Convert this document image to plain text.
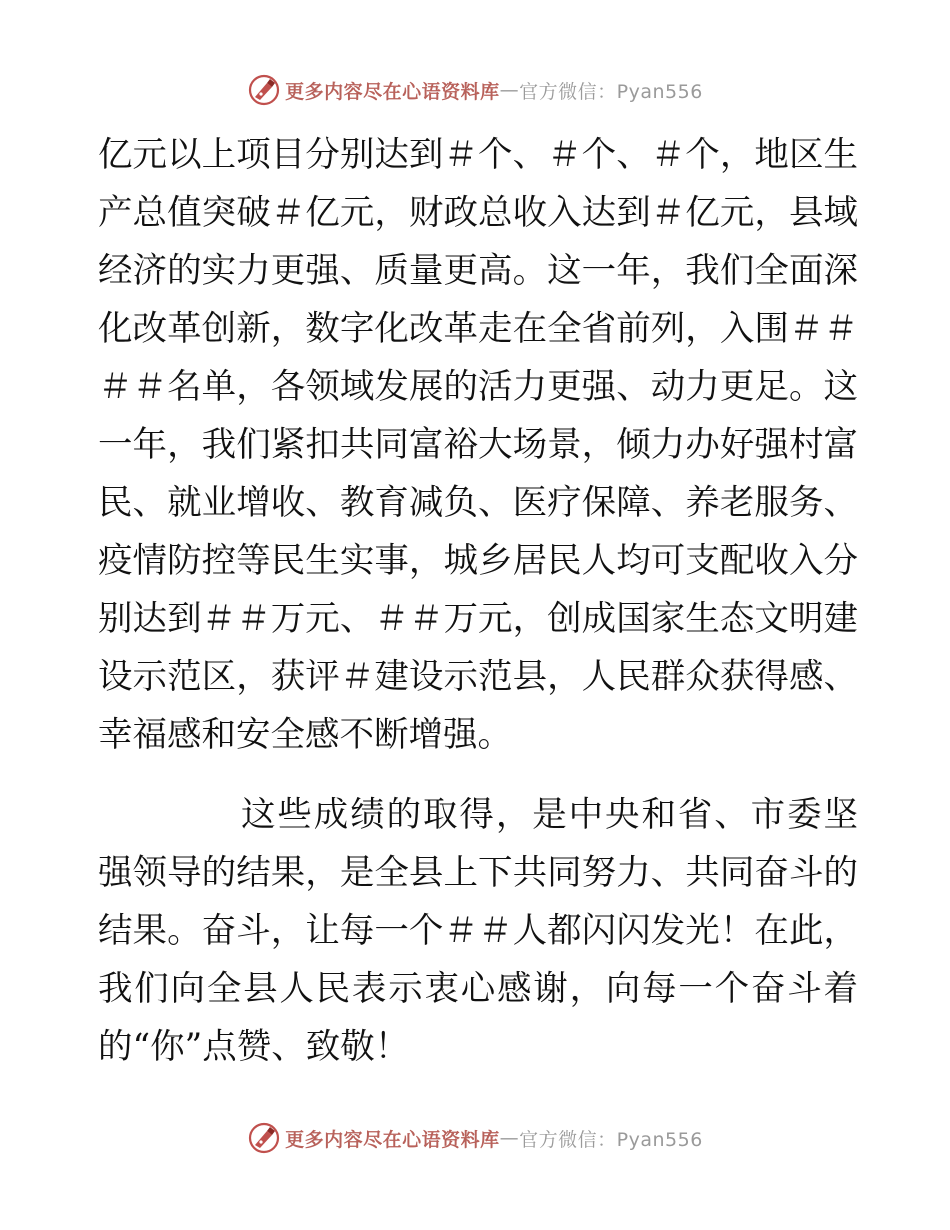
更多内容尽在心语资料库 — 官方微信：Pyan556

亿元以上项目分别达到＃个、＃个、＃个，地区生产总值突破＃亿元，财政总收入达到＃亿元，县域经济的实力更强、质量更高。这一年，我们全面深化改革创新，数字化改革走在全省前列，入围＃＃＃＃名单，各领域发展的活力更强、动力更足。这一年，我们紧扣共同富裕大场景，倾力办好强村富民、就业增收、教育减负、医疗保障、养老服务、疫情防控等民生实事，城乡居民人均可支配收入分别达到＃＃万元、＃＃万元，创成国家生态文明建设示范区，获评＃建设示范县，人民群众获得感、幸福感和安全感不断增强。

这些成绩的取得，是中央和省、市委坚强领导的结果，是全县上下共同努力、共同奋斗的结果。奋斗，让每一个＃＃人都闪闪发光！在此，我们向全县人民表示衷心感谢，向每一个奋斗着的“你”点赞、致敬！

更多内容尽在心语资料库 — 官方微信：Pyan556
